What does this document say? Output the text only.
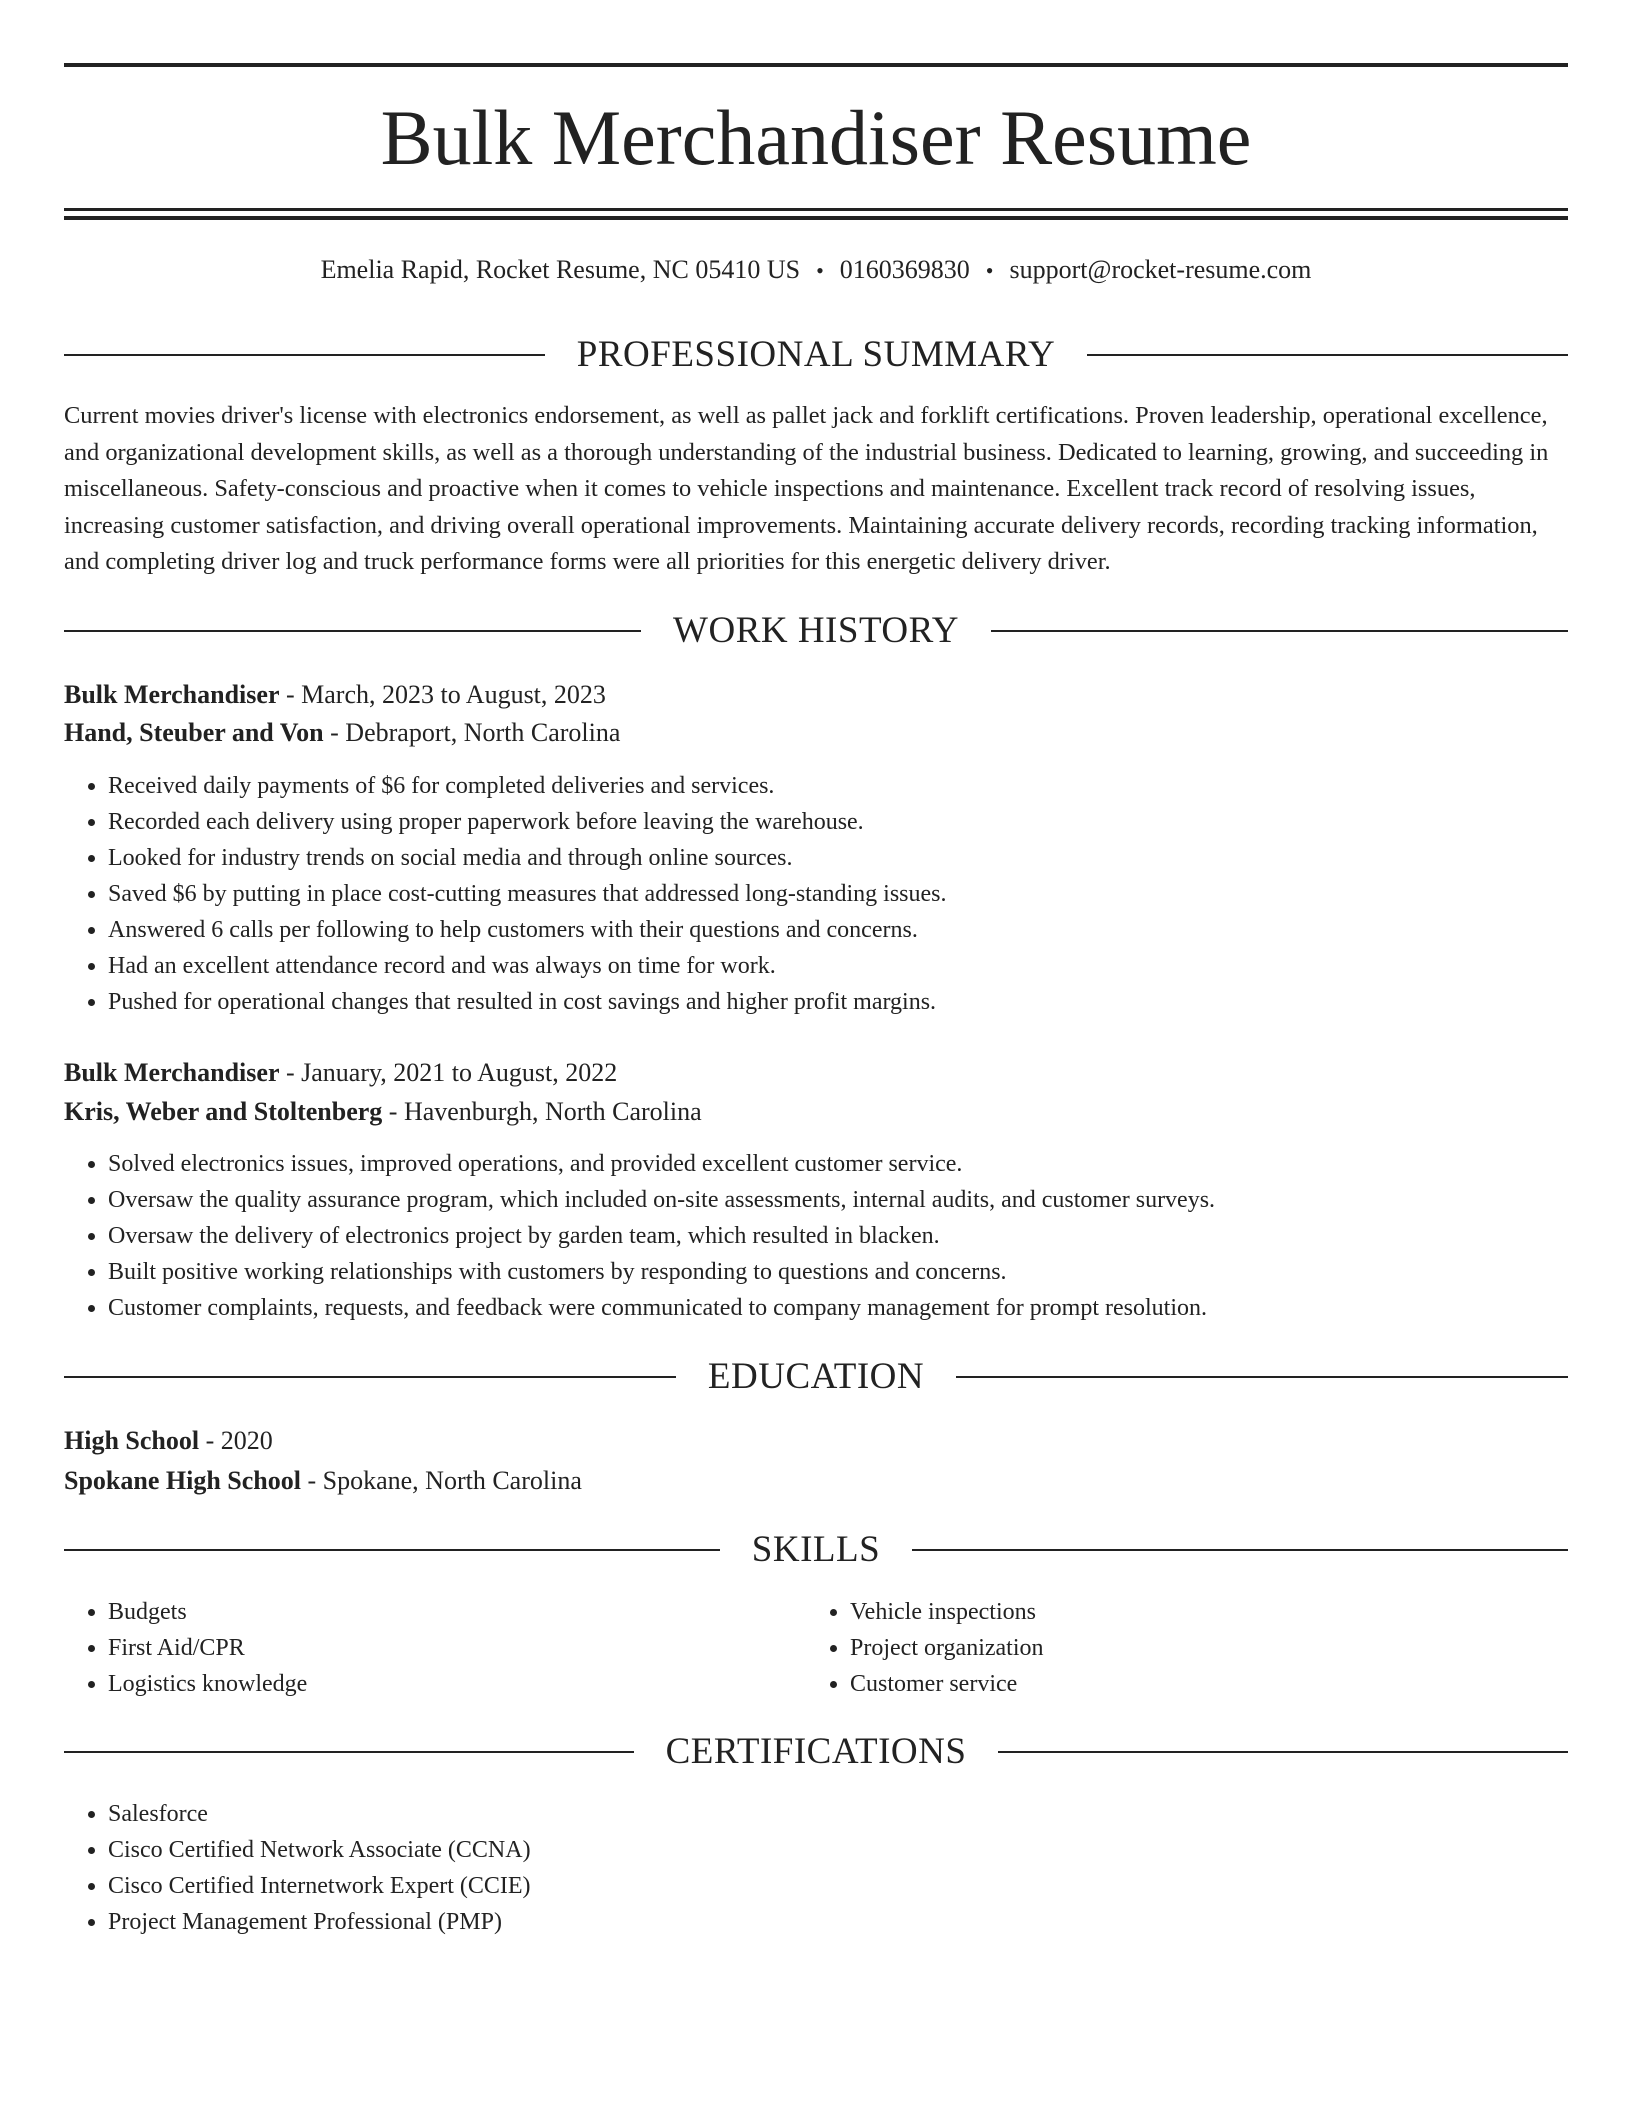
Bulk Merchandiser Resume
Emelia Rapid, Rocket Resume, NC 05410 US • 0160369830 • support@rocket-resume.com
PROFESSIONAL SUMMARY

Current movies driver's license with electronics endorsement, as well as pallet jack and forklift certifications. Proven leadership, operational excellence, and organizational development skills, as well as a thorough understanding of the industrial business. Dedicated to learning, growing, and succeeding in miscellaneous. Safety-conscious and proactive when it comes to vehicle inspections and maintenance. Excellent track record of resolving issues, increasing customer satisfaction, and driving overall operational improvements. Maintaining accurate delivery records, recording tracking information, and completing driver log and truck performance forms were all priorities for this energetic delivery driver.

WORK HISTORY
Bulk Merchandiser - March, 2023 to August, 2023
Hand, Steuber and Von - Debraport, North Carolina
• Received daily payments of $6 for completed deliveries and services.
• Recorded each delivery using proper paperwork before leaving the warehouse.
• Looked for industry trends on social media and through online sources.
• Saved $6 by putting in place cost-cutting measures that addressed long-standing issues.
• Answered 6 calls per following to help customers with their questions and concerns.
• Had an excellent attendance record and was always on time for work.
• Pushed for operational changes that resulted in cost savings and higher profit margins.
Bulk Merchandiser - January, 2021 to August, 2022
Kris, Weber and Stoltenberg - Havenburgh, North Carolina
• Solved electronics issues, improved operations, and provided excellent customer service.
• Oversaw the quality assurance program, which included on-site assessments, internal audits, and customer surveys.
• Oversaw the delivery of electronics project by garden team, which resulted in blacken.
• Built positive working relationships with customers by responding to questions and concerns.
• Customer complaints, requests, and feedback were communicated to company management for prompt resolution.
EDUCATION
High School - 2020
Spokane High School - Spokane, North Carolina
SKILLS
• Budgets
• First Aid/CPR
• Logistics knowledge
• Vehicle inspections
• Project organization
• Customer service
CERTIFICATIONS
• Salesforce
• Cisco Certified Network Associate (CCNA)
• Cisco Certified Internetwork Expert (CCIE)
• Project Management Professional (PMP)
